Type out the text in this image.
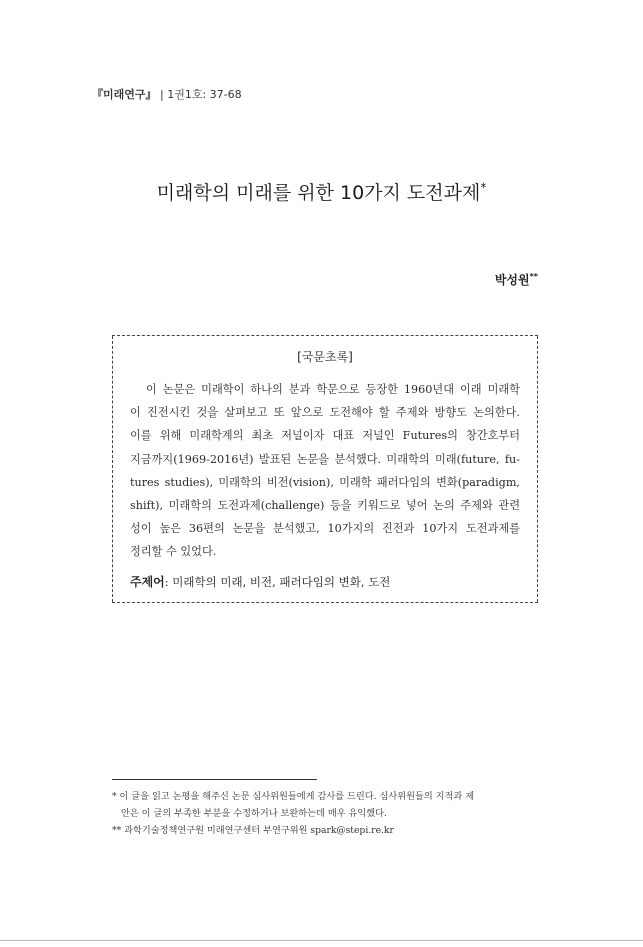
『미래연구』 | 1권1호: 37-68
미래학의 미래를 위한 10가지 도전과제*
박성원**
[국문초록]
이 논문은 미래학이 하나의 분과 학문으로 등장한 1960년대 이래 미래학
이 진전시킨 것을 살펴보고 또 앞으로 도전해야 할 주제와 방향도 논의한다.
이를 위해 미래학계의 최초 저널이자 대표 저널인 Futures의 창간호부터
지금까지(1969-2016년) 발표된 논문을 분석했다. 미래학의 미래(future, fu-
tures studies), 미래학의 비전(vision), 미래학 패러다임의 변화(paradigm,
shift), 미래학의 도전과제(challenge) 등을 키워드로 넣어 논의 주제와 관련
성이 높은 36편의 논문을 분석했고, 10가지의 진전과 10가지 도전과제를
정리할 수 있었다.
주제어: 미래학의 미래, 비전, 패러다임의 변화, 도전
* 이 글을 읽고 논평을 해주신 논문 심사위원들에게 감사를 드린다. 심사위원들의 지적과 제
안은 이 글의 부족한 부분을 수정하거나 보완하는데 매우 유익했다.
** 과학기술정책연구원 미래연구센터 부연구위원 spark@stepi.re.kr
